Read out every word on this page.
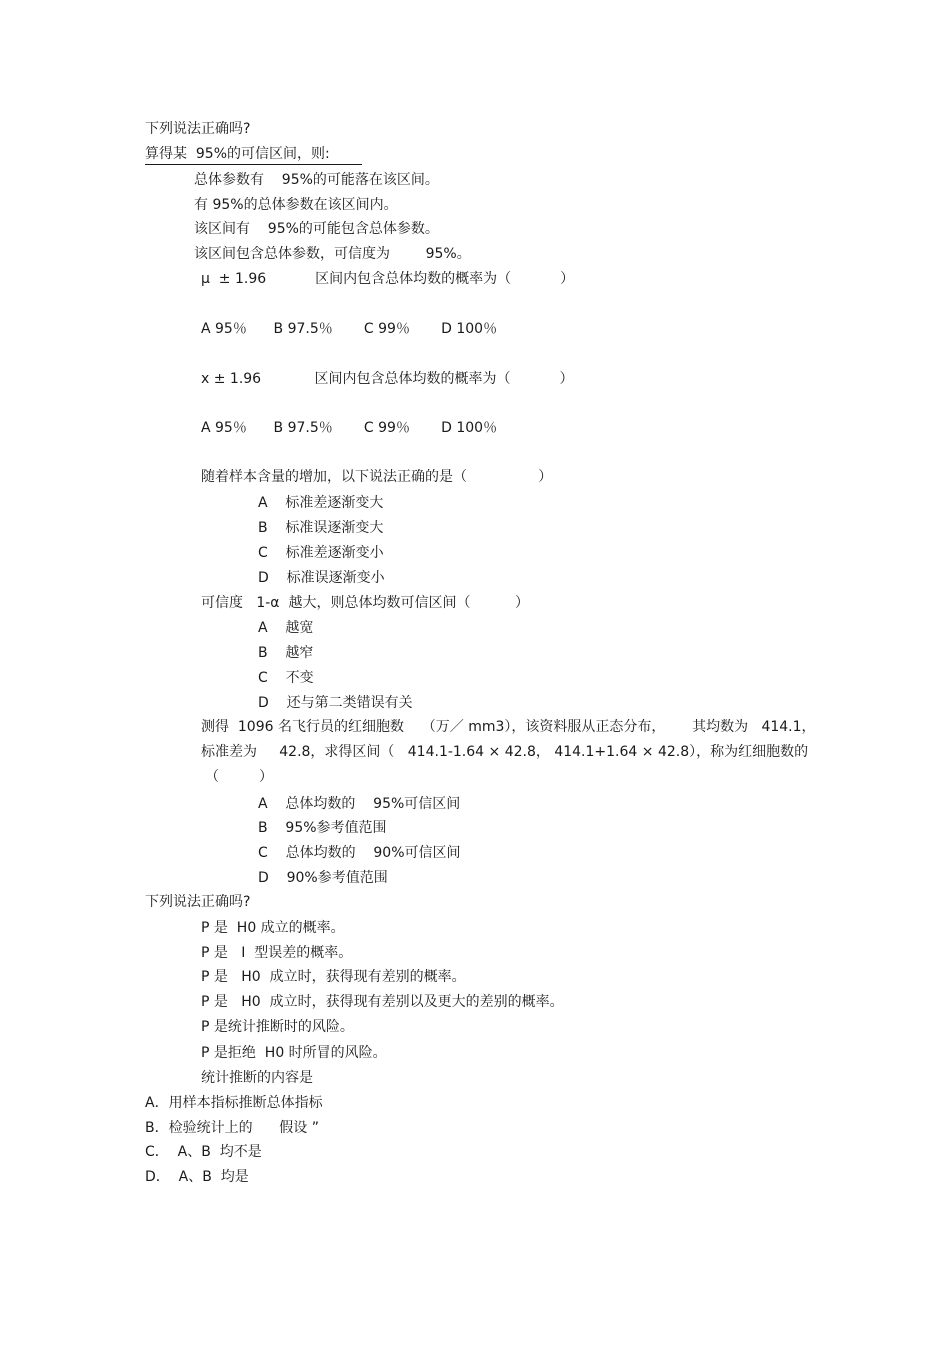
下列说法正确吗?
算得某  95%的可信区间，则:
总体参数有    95%的可能落在该区间。
有 95%的总体参数在该区间内。
该区间有    95%的可能包含总体参数。
该区间包含总体参数，可信度为        95%。
μ  ± 1.96           区间内包含总体均数的概率为（           ）
A 95％      B 97.5％       C 99％       D 100％
x ± 1.96            区间内包含总体均数的概率为（           ）
A 95％      B 97.5％       C 99％       D 100％
随着样本含量的增加，以下说法正确的是（                ）
A    标准差逐渐变大
B    标准误逐渐变大
C    标准差逐渐变小
D    标准误逐渐变小
可信度   1-α  越大，则总体均数可信区间（          ）
A    越宽
B    越窄
C    不变
D    还与第二类错误有关
测得  1096 名飞行员的红细胞数    （万／ mm3），该资料服从正态分布，      其均数为   414.1，
标准差为     42.8，求得区间（   414.1-1.64 × 42.8， 414.1+1.64 × 42.8），称为红细胞数的
（         ）
A    总体均数的    95%可信区间
B    95%参考值范围
C    总体均数的    90%可信区间
D    90%参考值范围
下列说法正确吗?
P 是  H0 成立的概率。
P 是   Ⅰ  型误差的概率。
P 是   H0  成立时，获得现有差别的概率。
P 是   H0  成立时，获得现有差别以及更大的差别的概率。
P 是统计推断时的风险。
P 是拒绝  H0 时所冒的风险。
统计推断的内容是
A．用样本指标推断总体指标
B．检验统计上的      假设 ”
C．  A、B  均不是
D．  A、B  均是
